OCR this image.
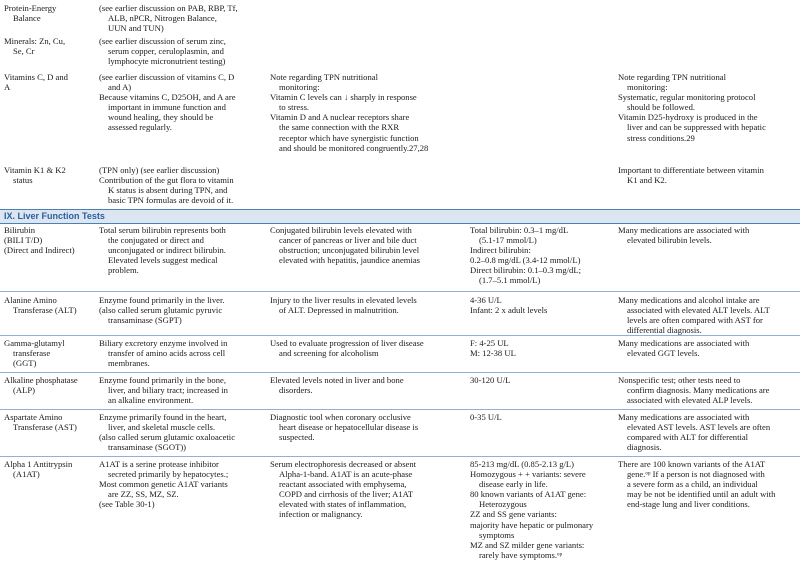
Protein-Energy

Balance

(see earlier discussion on PAB, RBP, Tf,

ALB, nPCR, Nitrogen Balance,

UUN and TUN)

Minerals: Zn, Cu,

Se, Cr

(see earlier discussion of serum zinc,

serum copper, ceruloplasmin, and

lymphocyte micronutrient testing)

Vitamins C, D and

A

(see earlier discussion of vitamins C, D

and A)

Because vitamins C, D25OH, and A are

important in immune function and

wound healing, they should be

assessed regularly.

Note regarding TPN nutritional

monitoring:

Vitamin C levels can ↓ sharply in response

to stress.

Vitamin D and A nuclear receptors share

the same connection with the RXR

receptor which have synergistic function

and should be monitored congruently.27,28

Note regarding TPN nutritional

monitoring:

Systematic, regular monitoring protocol

should be followed.

Vitamin D25-hydroxy is produced in the

liver and can be suppressed with hepatic

stress conditions.29

Vitamin K1 & K2

status

(TPN only) (see earlier discussion)

Contribution of the gut flora to vitamin

K status is absent during TPN, and

basic TPN formulas are devoid of it.

Important to differentiate between vitamin

K1 and K2.

IX. Liver Function Tests

Bilirubin

(BILI T/D)

(Direct and Indirect)

Total serum bilirubin represents both

the conjugated or direct and

unconjugated or indirect bilirubin.

Elevated levels suggest medical

problem.

Conjugated bilirubin levels elevated with

cancer of pancreas or liver and bile duct

obstruction; unconjugated bilirubin level

elevated with hepatitis, jaundice anemias

Total bilirubin: 0.3–1 mg/dL

(5.1-17 mmol/L)

Indirect bilirubin:

0.2–0.8 mg/dL (3.4-12 mmol/L)

Direct bilirubin: 0.1–0.3 mg/dL;

(1.7–5.1 mmol/L)

Many medications are associated with

elevated bilirubin levels.

Alanine Amino

Transferase (ALT)

Enzyme found primarily in the liver.

(also called serum glutamic pyruvic

transaminase (SGPT)

Injury to the liver results in elevated levels

of ALT. Depressed in malnutrition.

4-36 U/L

Infant: 2 x adult levels

Many medications and alcohol intake are

associated with elevated ALT levels. ALT

levels are often compared with AST for

differential diagnosis.

Gamma-glutamyl

transferase

(GGT)

Biliary excretory enzyme involved in

transfer of amino acids across cell

membranes.

Used to evaluate progression of liver disease

and screening for alcoholism

F: 4-25 UL

M: 12-38 UL

Many medications are associated with

elevated GGT levels.

Alkaline phosphatase

(ALP)

Enzyme found primarily in the bone,

liver, and biliary tract; increased in

an alkaline environment.

Elevated levels noted in liver and bone

disorders.

30-120 U/L	Nonspecific test; other tests need to

confirm diagnosis. Many medications are

associated with elevated ALP levels.

Aspartate Amino

Transferase (AST)

Enzyme primarily found in the heart,

liver, and skeletal muscle cells.

(also called serum glutamic oxaloacetic

transaminase (SGOT))

Diagnostic tool when coronary occlusive

heart disease or hepatocellular disease is

suspected.

0-35 U/L	Many medications are associated with

elevated AST levels. AST levels are often

compared with ALT for differential

diagnosis.

Alpha 1 Antitrypsin

(A1AT)

A1AT is a serine protease inhibitor

secreted primarily by hepatocytes.;

Most common genetic A1AT variants

are ZZ, SS, MZ, SZ.

(see Table 30-1)

Serum electrophoresis decreased or absent

Alpha-1-band. A1AT is an acute-phase

reactant associated with emphysema,

COPD and cirrhosis of the liver; A1AT

elevated with states of inflammation,

infection or malignancy.

85-213 mg/dL (0.85-2.13 g/L)

Homozygous + + variants: severe

disease early in life.

80 known variants of A1AT gene:

Heterozygous

ZZ and SS gene variants:

majority have hepatic or pulmonary

symptoms

MZ and SZ milder gene variants:

rarely have symptoms.ᵒᵖ

There are 100 known variants of the A1AT

gene.ᵒᵖ If a person is not diagnosed with

a severe form as a child, an individual

may be not be identified until an adult with

end-stage lung and liver conditions.
